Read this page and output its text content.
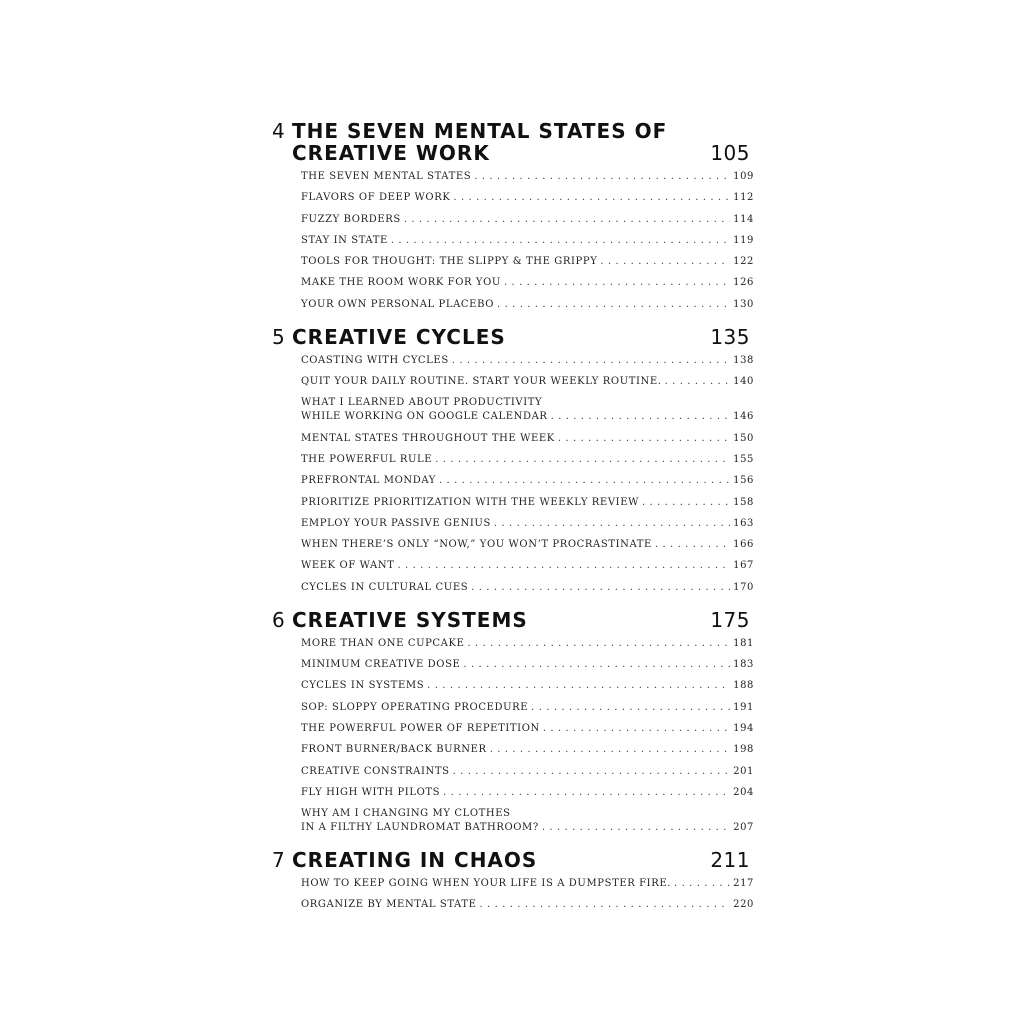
4 THE SEVEN MENTAL STATES OF CREATIVE WORK	105
THE SEVEN MENTAL STATES . . .	109
FLAVORS OF DEEP WORK . . .	112
FUZZY BORDERS . . .	114
STAY IN STATE . . .	119
TOOLS FOR THOUGHT: THE SLIPPY & THE GRIPPY . . .	122
MAKE THE ROOM WORK FOR YOU . . .	126
YOUR OWN PERSONAL PLACEBO . . .	130
5 CREATIVE CYCLES	135
COASTING WITH CYCLES . . .	138
QUIT YOUR DAILY ROUTINE. START YOUR WEEKLY ROUTINE. . . .	140
WHAT I LEARNED ABOUT PRODUCTIVITY
WHILE WORKING ON GOOGLE CALENDAR . . .	146
MENTAL STATES THROUGHOUT THE WEEK . . .	150
THE POWERFUL RULE . . .	155
PREFRONTAL MONDAY . . .	156
PRIORITIZE PRIORITIZATION WITH THE WEEKLY REVIEW . . .	158
EMPLOY YOUR PASSIVE GENIUS . . .	163
WHEN THERE’S ONLY “NOW,” YOU WON’T PROCRASTINATE . . .	166
WEEK OF WANT . . .	167
CYCLES IN CULTURAL CUES . . .	170
6 CREATIVE SYSTEMS	175
MORE THAN ONE CUPCAKE . . .	181
MINIMUM CREATIVE DOSE . . .	183
CYCLES IN SYSTEMS . . .	188
SOP: SLOPPY OPERATING PROCEDURE . . .	191
THE POWERFUL POWER OF REPETITION . . .	194
FRONT BURNER/BACK BURNER . . .	198
CREATIVE CONSTRAINTS . . .	201
FLY HIGH WITH PILOTS . . .	204
WHY AM I CHANGING MY CLOTHES
IN A FILTHY LAUNDROMAT BATHROOM? . . .	207
7 CREATING IN CHAOS	211
HOW TO KEEP GOING WHEN YOUR LIFE IS A DUMPSTER FIRE. . . .	217
ORGANIZE BY MENTAL STATE . . .	220
